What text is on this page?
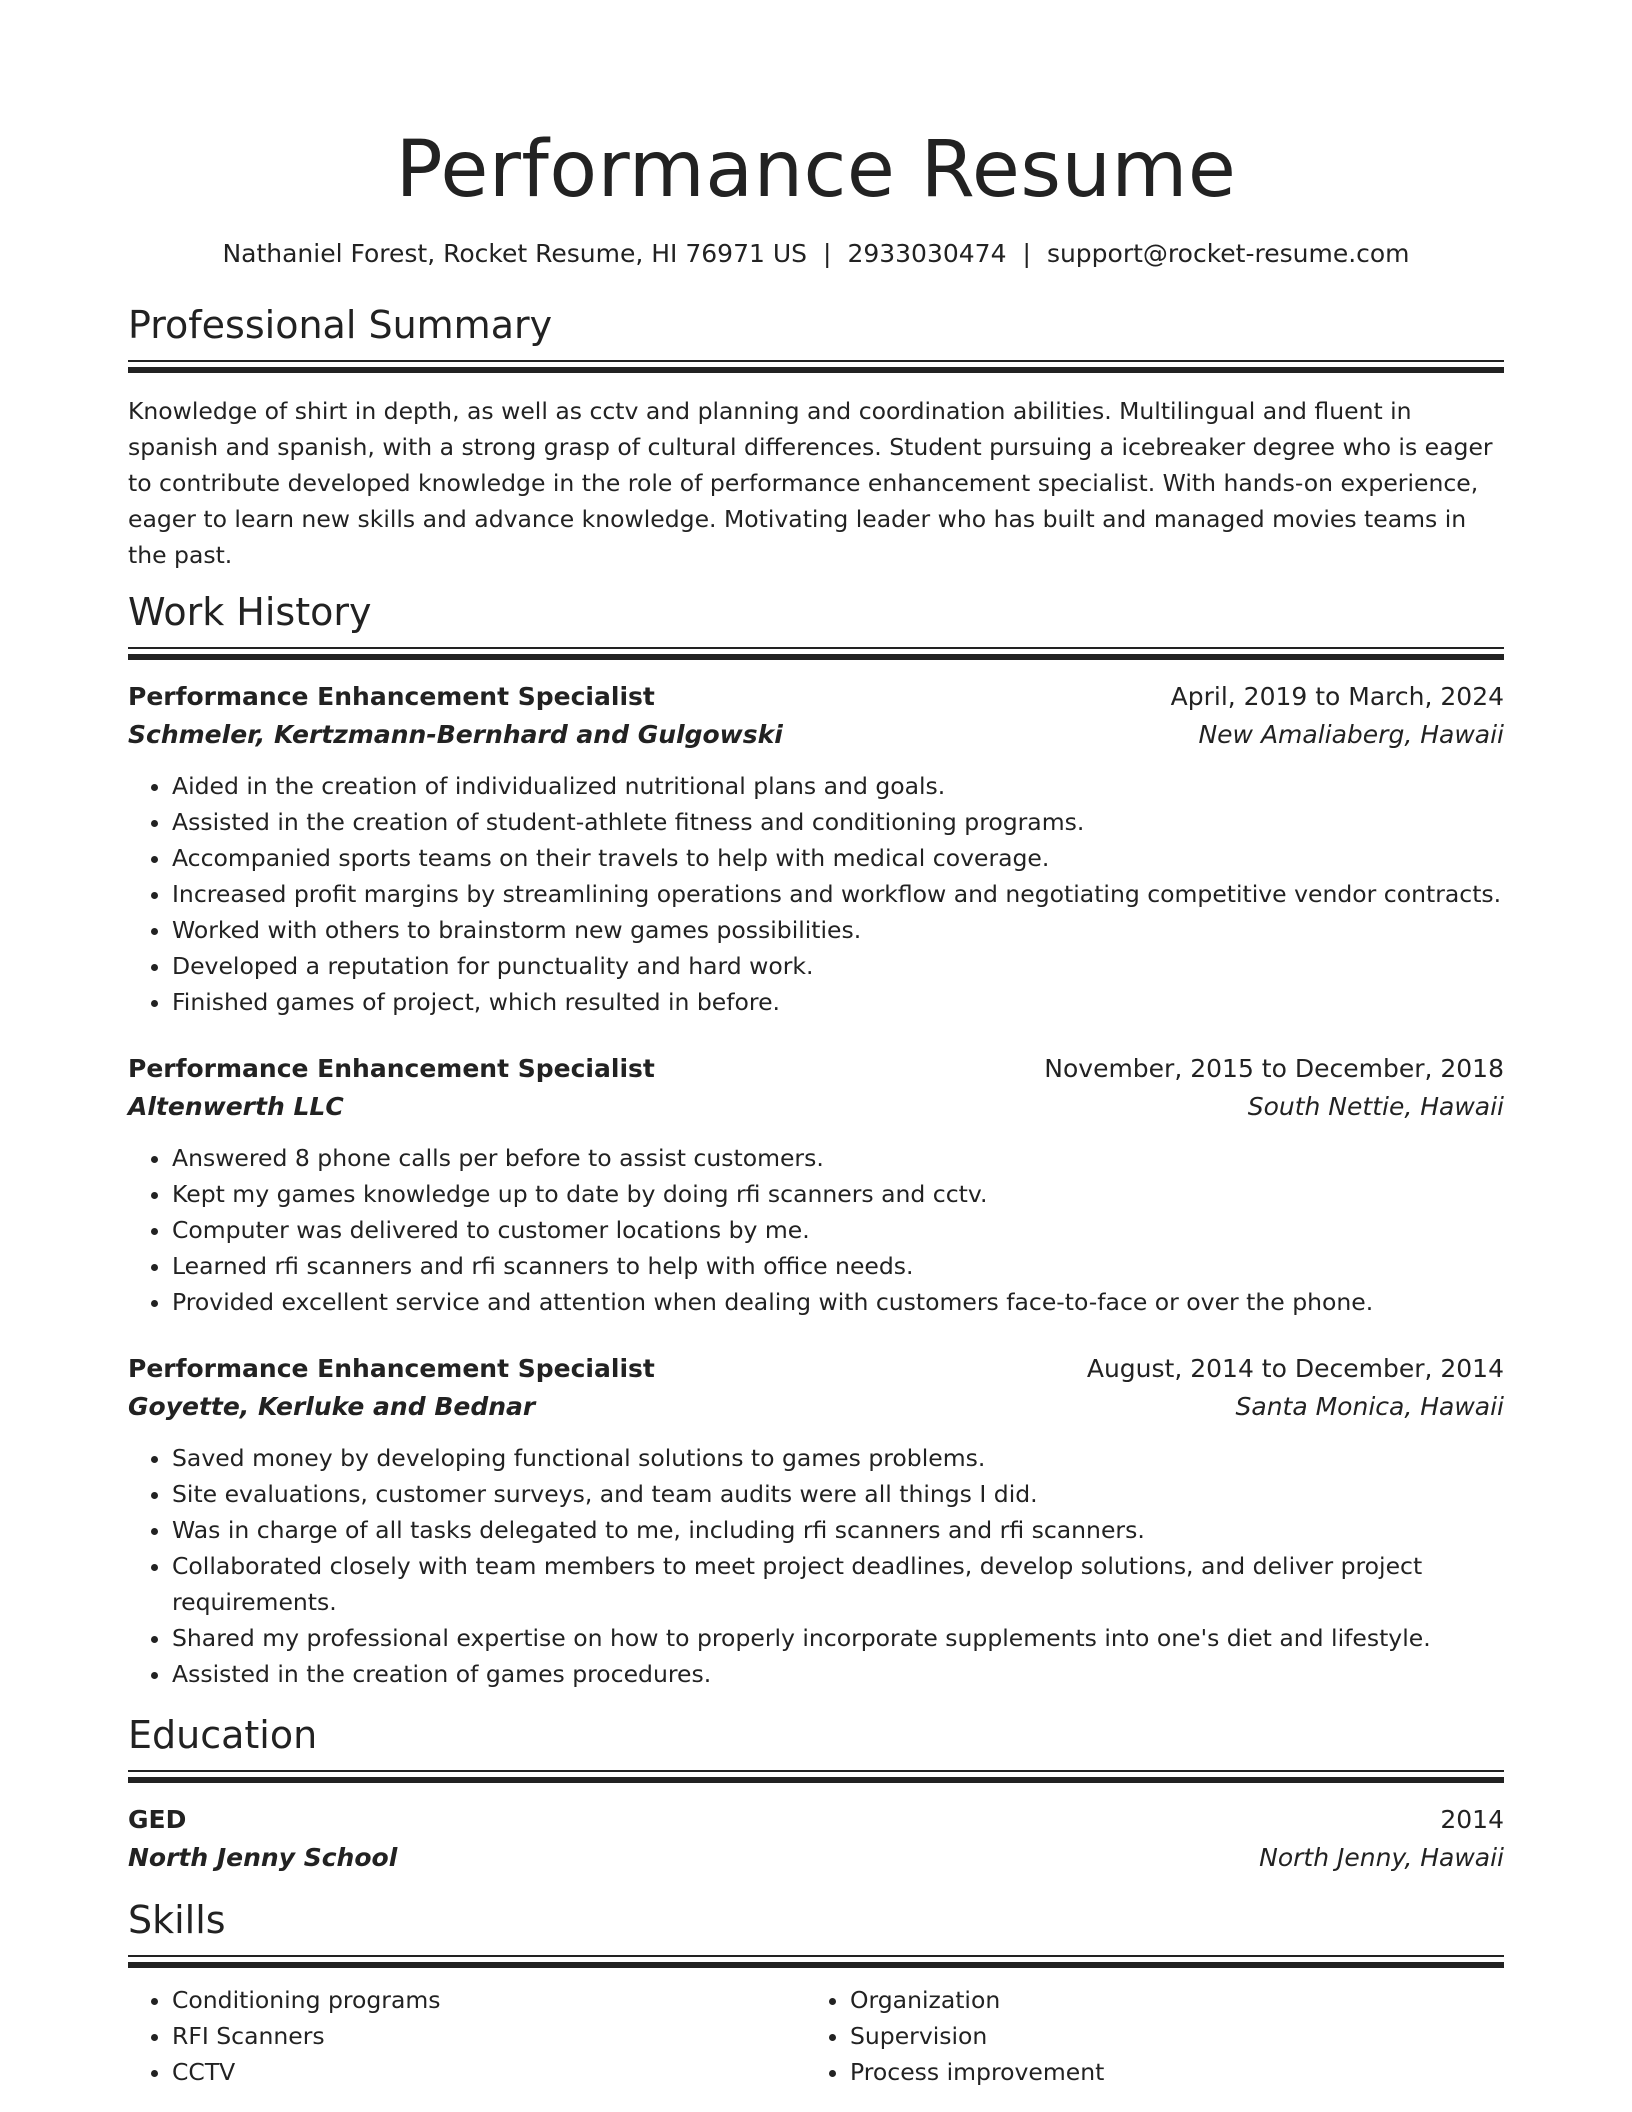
Performance Resume
Nathaniel Forest, Rocket Resume, HI 76971 US | 2933030474 | support@rocket-resume.com
Professional Summary

Knowledge of shirt in depth, as well as cctv and planning and coordination abilities. Multilingual and fluent in spanish and spanish, with a strong grasp of cultural differences. Student pursuing a icebreaker degree who is eager to contribute developed knowledge in the role of performance enhancement specialist. With hands-on experience, eager to learn new skills and advance knowledge. Motivating leader who has built and managed movies teams in the past.

Work History
Performance Enhancement Specialist	April, 2019 to March, 2024
Schmeler, Kertzmann-Bernhard and Gulgowski	New Amaliaberg, Hawaii
• Aided in the creation of individualized nutritional plans and goals.
• Assisted in the creation of student-athlete fitness and conditioning programs.
• Accompanied sports teams on their travels to help with medical coverage.
• Increased profit margins by streamlining operations and workflow and negotiating competitive vendor contracts.
• Worked with others to brainstorm new games possibilities.
• Developed a reputation for punctuality and hard work.
• Finished games of project, which resulted in before.
Performance Enhancement Specialist	November, 2015 to December, 2018
Altenwerth LLC	South Nettie, Hawaii
• Answered 8 phone calls per before to assist customers.
• Kept my games knowledge up to date by doing rfi scanners and cctv.
• Computer was delivered to customer locations by me.
• Learned rfi scanners and rfi scanners to help with office needs.
• Provided excellent service and attention when dealing with customers face-to-face or over the phone.
Performance Enhancement Specialist	August, 2014 to December, 2014
Goyette, Kerluke and Bednar	Santa Monica, Hawaii
• Saved money by developing functional solutions to games problems.
• Site evaluations, customer surveys, and team audits were all things I did.
• Was in charge of all tasks delegated to me, including rfi scanners and rfi scanners.
• Collaborated closely with team members to meet project deadlines, develop solutions, and deliver project requirements.
• Shared my professional expertise on how to properly incorporate supplements into one's diet and lifestyle.
• Assisted in the creation of games procedures.
Education
GED	2014
North Jenny School	North Jenny, Hawaii
Skills
• Conditioning programs
• RFI Scanners
• CCTV
• Organization
• Supervision
• Process improvement
